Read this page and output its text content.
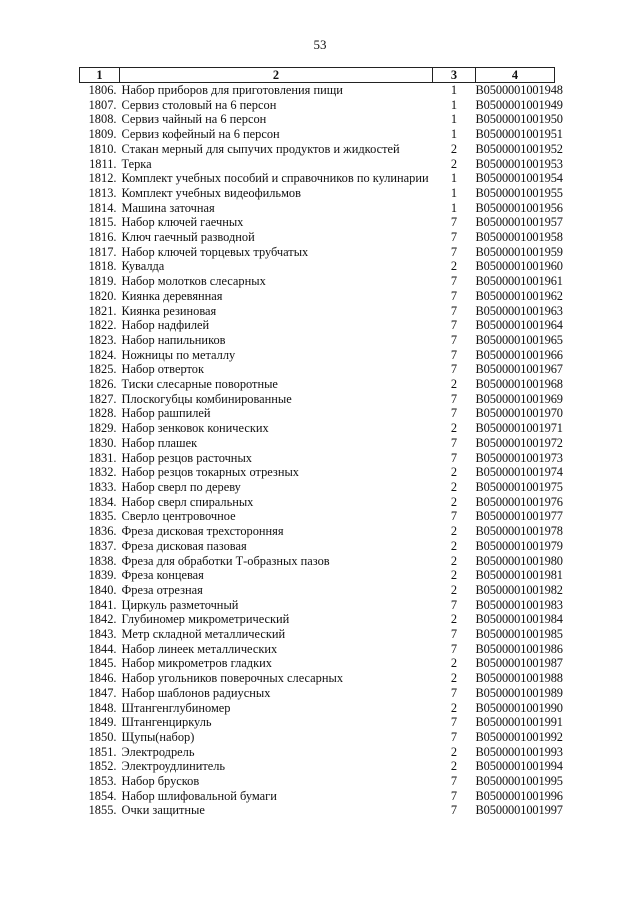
53
1	2	3	4
1806.	Набор приборов для приготовления пищи	1	B0500001001948
1807.	Сервиз столовый на 6 персон	1	B0500001001949
1808.	Сервиз чайный на 6 персон	1	B0500001001950
1809.	Сервиз кофейный на 6 персон	1	B0500001001951
1810.	Стакан мерный для сыпучих продуктов и жидкостей	2	B0500001001952
1811.	Терка	2	B0500001001953
1812.	Комплект учебных пособий и справочников по кулинарии	1	B0500001001954
1813.	Комплект учебных видеофильмов	1	B0500001001955
1814.	Машина заточная	1	B0500001001956
1815.	Набор ключей гаечных	7	B0500001001957
1816.	Ключ гаечный разводной	7	B0500001001958
1817.	Набор ключей торцевых трубчатых	7	B0500001001959
1818.	Кувалда	2	B0500001001960
1819.	Набор молотков слесарных	7	B0500001001961
1820.	Киянка деревянная	7	B0500001001962
1821.	Киянка резиновая	7	B0500001001963
1822.	Набор надфилей	7	B0500001001964
1823.	Набор напильников	7	B0500001001965
1824.	Ножницы по металлу	7	B0500001001966
1825.	Набор отверток	7	B0500001001967
1826.	Тиски слесарные поворотные	2	B0500001001968
1827.	Плоскогубцы комбинированные	7	B0500001001969
1828.	Набор рашпилей	7	B0500001001970
1829.	Набор зенковок конических	2	B0500001001971
1830.	Набор плашек	7	B0500001001972
1831.	Набор резцов расточных	7	B0500001001973
1832.	Набор резцов токарных отрезных	2	B0500001001974
1833.	Набор сверл по дереву	2	B0500001001975
1834.	Набор сверл спиральных	2	B0500001001976
1835.	Сверло центровочное	7	B0500001001977
1836.	Фреза дисковая трехсторонняя	2	B0500001001978
1837.	Фреза дисковая пазовая	2	B0500001001979
1838.	Фреза для обработки Т-образных пазов	2	B0500001001980
1839.	Фреза концевая	2	B0500001001981
1840.	Фреза отрезная	2	B0500001001982
1841.	Циркуль разметочный	7	B0500001001983
1842.	Глубиномер микрометрический	2	B0500001001984
1843.	Метр складной металлический	7	B0500001001985
1844.	Набор линеек металлических	7	B0500001001986
1845.	Набор микрометров гладких	2	B0500001001987
1846.	Набор угольников поверочных слесарных	2	B0500001001988
1847.	Набор шаблонов радиусных	7	B0500001001989
1848.	Штангенглубиномер	2	B0500001001990
1849.	Штангенциркуль	7	B0500001001991
1850.	Щупы(набор)	7	B0500001001992
1851.	Электродрель	2	B0500001001993
1852.	Электроудлинитель	2	B0500001001994
1853.	Набор брусков	7	B0500001001995
1854.	Набор шлифовальной бумаги	7	B0500001001996
1855.	Очки защитные	7	B0500001001997
